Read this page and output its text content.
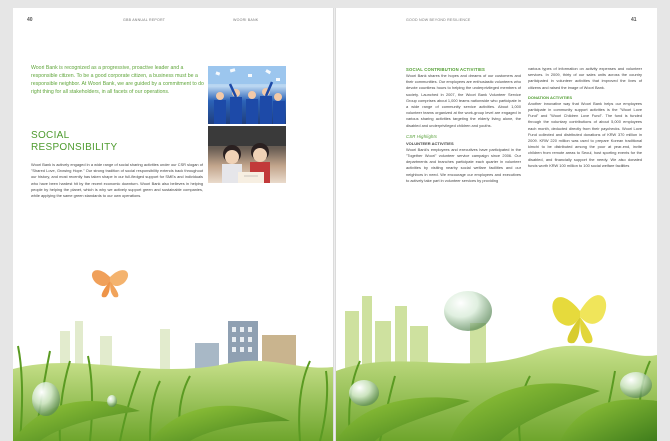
40	GBB ANNUAL REPORT	WOORI BANK
Woori Bank is recognized as a progressive, proactive leader and a responsible citizen. To be a good corporate citizen, a business must be a responsible neighbor. At Woori Bank, we are guided by a commitment to do right thing for all stakeholders, in all facets of our operations.
SOCIAL
RESPONSIBILITY
Woori Bank is actively engaged in a wide range of social sharing activities under our CSR slogan of "Shared Love, Growing Hope." Our strong tradition of social responsibility extends back throughout our history, and most recently has taken shape in our full-fledged support for SMEs and individuals who have been hardest hit by the recent economic downturn. Woori Bank also believes in helping people by helping the planet, which is why we actively support green and sustainable companies, while applying the same green standards to our own operations.
GOOD NOW BEYOND RESILIENCE	41
SOCIAL CONTRIBUTION ACTIVITIES

Woori Bank shares the hopes and dreams of our customers and their communities. Our employees are enthusiastic volunteers who devote countless hours to helping the underprivileged members of society. Launched in 2007, the Woori Bank Volunteer Service Group comprises about 1,000 teams nationwide who participate in a wide range of community service activities. About 1,000 volunteer teams organized at the work-group level are engaged in various sharing activities targeting the elderly living alone, the disabled and underprivileged children and youths.

CSR Highlights
VOLUNTEER ACTIVITIES

Woori Bank's employees and executives have participated in the "Together Woori" volunteer service campaign since 2006. Our departments and branches participate each quarter in volunteer activities by visiting nearby social welfare facilities and our neighbors in need. We encourage our employees and executives to actively take part in volunteer services by providing

various types of information on activity expenses and volunteer services. In 2009, thirty of our sales units across the country participated in volunteer activities that improved the lives of citizens and raised the image of Woori Bank.

DONATION ACTIVITIES

Another innovative way that Woori Bank helps our employees participate in community support activities is the "Woori Love Fund" and "Woori Children Love Fund". The fund is funded through the voluntary contributions of about 5,000 employees each month, deducted directly from their paychecks. Woori Love Fund collected and distributed donations of KRW 370 million in 2009. KRW 220 million was used to prepare Korean traditional kimchi to be distributed among the poor at year-end, invite children from remote areas to Seoul, host sporting events for the disabled, and financially support the needy. We also donated funds worth KRW 100 million to 100 social welfare facilities
